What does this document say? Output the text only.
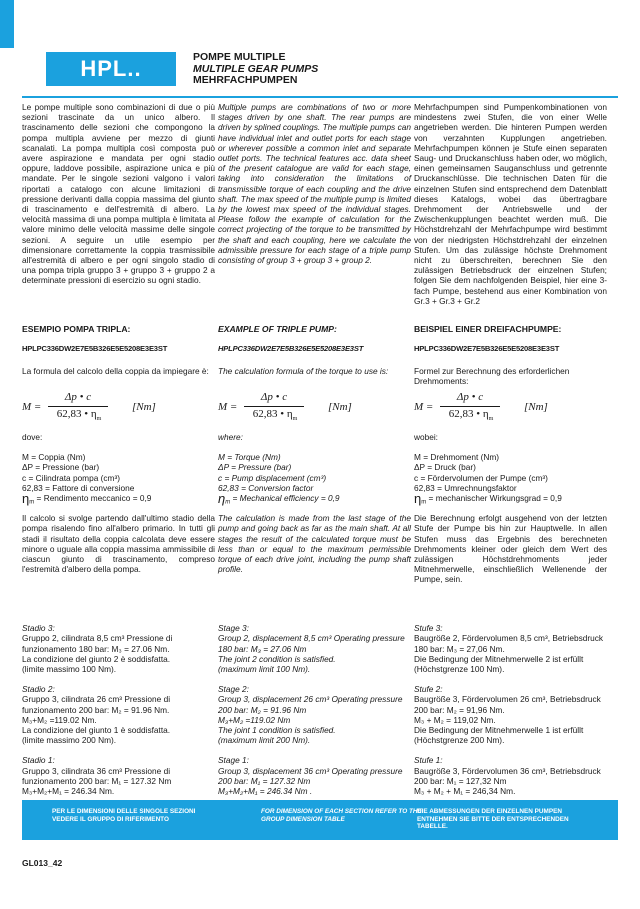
HPL..	POMPE MULTIPLE
MULTIPLE GEAR PUMPS
MEHRFACHPUMPEN
Le pompe multiple sono combinazioni di due o più sezioni trascinate da un unico albero. Il trascinamento delle sezioni che compongono la pompa multipla avviene per mezzo di giunti scanalati. La pompa multipla così composta può avere aspirazione e mandata per ogni stadio oppure, laddove possibile, aspirazione unica e più mandate. Per le singole sezioni valgono i valori riportati a catalogo con alcune limitazioni di pressione derivanti dalla coppia massima del giunto di trascinamento e dell'estremità di albero. La velocità massima di una pompa multipla è limitata al valore minimo delle velocità massime delle singole sezioni. A seguire un utile esempio per dimensionare correttamente la coppia trasmissibile all'estremità di albero e per ogni singolo stadio di una pompa tripla gruppo 3 + gruppo 3 + gruppo 2 a determinate pressioni di esercizio su ogni stadio.
ESEMPIO POMPA TRIPLA:
HPLPC336DW2E7E5B326E5E5208E3E3ST
La formula del calcolo della coppia da impiegare è:
M =
Δp • c
62,83 • $\eta_m$
[Nm]
dove:
M = Coppia (Nm)
ΔP = Pressione (bar)
c = Cilindrata pompa (cm³)
62,83 = Fattore di conversione
$\eta_m$ = Rendimento meccanico = 0,9
Il calcolo si svolge partendo dall'ultimo stadio della pompa risalendo fino all'albero primario. In tutti gli stadi il risultato della coppia calcolata deve essere minore o uguale alla coppia massima ammissibile di ciascun giunto di trascinamento, compreso l'estremità d'albero della pompa.
Stadio 3:
Gruppo 2, cilindrata 8,5 cm³ Pressione di funzionamento 180 bar: M₃ = 27.06 Nm.
La condizione del giunto 2 è soddisfatta.
(limite massimo 100 Nm).
Stadio 2:
Gruppo 3, cilindrata 26 cm³ Pressione di funzionamento 200 bar: M₂ = 91.96 Nm.
M₃+M₂ =119.02 Nm.
La condizione del giunto 1 è soddisfatta.
(limite massimo 200 Nm).
Stadio 1:
Gruppo 3, cilindrata 36 cm³ Pressione di funzionamento 200 bar: M₁ = 127.32 Nm
M₃+M₂+M₁ = 246.34 Nm.
Multiple pumps are combinations of two or more stages driven by one shaft. The rear pumps are driven by splined couplings. The multiple pumps can have individual inlet and outlet ports for each stage or wherever possible a common inlet and separate outlet ports. The technical features acc. data sheet of the present catalogue are valid for each stage, taking into consideration the limitations of transmissible torque of each coupling and the drive shaft. The max speed of the multiple pump is limited by the lowest max speed of the individual stages. Please follow the example of calculation for the correct projecting of the torque to be transmitted by the shaft and each coupling, here we calculate the admissible pressure for each stage of a triple pump consisting of group 3 + group 3 + group 2.
EXAMPLE OF TRIPLE PUMP:
HPLPC336DW2E7E5B326E5E5208E3E3ST
The calculation formula of the torque to use is:
M =
Δp • c
62,83 • $\eta_m$
[Nm]
where:
M = Torque (Nm)
ΔP = Pressure (bar)
c = Pump displacement (cm³)
62,83 = Conversion factor
$\eta_m$ = Mechanical efficiency = 0,9
The calculation is made from the last stage of the pump and going back as far as the main shaft. At all stages the result of the calculated torque must be less than or equal to the maximum permissible torque of each drive joint, including the pump shaft profile.
Stage 3:
Group 2, displacement 8,5 cm³ Operating pressure 180 bar: M₃ = 27.06 Nm
The joint 2 condition is satisfied.
(maximum limit 100 Nm).
Stage 2:
Group 3, displacement 26 cm³ Operating pressure 200 bar: M₂ = 91.96 Nm
M₃+M₂ =119.02 Nm
The joint 1 condition is satisfied.
(maximum limit 200 Nm).
Stage 1:
Group 3, displacement 36 cm³ Operating pressure 200 bar: M₁ = 127.32 Nm
M₃+M₂+M₁ = 246.34 Nm .
Mehrfachpumpen sind Pumpenkombinationen von mindestens zwei Stufen, die von einer Welle angetrieben werden. Die hinteren Pumpen werden von verzahnten Kupplungen angetrieben. Mehrfachpumpen können je Stufe einen separaten Saug- und Druckanschluss haben oder, wo möglich, einen gemeinsamen Sauganschluss und getrennte Druckanschlüsse. Die technischen Daten für die einzelnen Stufen sind entsprechend dem Datenblatt dieses Katalogs, wobei das übertragbare Drehmoment der Antriebswelle und der Zwischenkupplungen beachtet werden muß. Die Höchstdrehzahl der Mehrfachpumpe wird bestimmt von der niedrigsten Höchstdrehzahl der einzelnen Stufen. Um das zulässige höchste Drehmoment nicht zu überschreiten, berechnen Sie den zulässigen Betriebsdruck der einzelnen Stufen; folgen Sie dem nachfolgenden Beispiel, hier eine 3-fach Pumpe, bestehend aus einer Kombination von Gr.3 + Gr.3 + Gr.2
BEISPIEL EINER DREIFACHPUMPE:
HPLPC336DW2E7E5B326E5E5208E3E3ST
Formel zur Berechnung des erforderlichen Drehmoments:
M =
Δp • c
62,83 • $\eta_m$
[Nm]
wobei:
M = Drehmoment (Nm)
ΔP = Druck (bar)
c = Fördervolumen der Pumpe (cm³)
62,83 = Umrechnungsfaktor
$\eta_m$ = mechanischer Wirkungsgrad = 0,9
Die Berechnung erfolgt ausgehend von der letzten Stufe der Pumpe bis hin zur Hauptwelle. In allen Stufen muss das Ergebnis des berechneten Drehmoments kleiner oder gleich dem Wert des zulässigen Höchstdrehmoments jeder Mitnehmerwelle, einschließlich Wellenende der Pumpe, sein.
Stufe 3:
Baugröße 2, Fördervolumen 8,5 cm³, Betriebsdruck 180 bar: M₃ = 27,06 Nm.
Die Bedingung der Mitnehmerwelle 2 ist erfüllt (Höchstgrenze 100 Nm).
Stufe 2:
Baugröße 3, Fördervolumen 26 cm³, Betriebsdruck 200 bar: M₂ = 91,96 Nm.
M₃ + M₂ = 119,02 Nm.
Die Bedingung der Mitnehmerwelle 1 ist erfüllt (Höchstgrenze 200 Nm).
Stufe 1:
Baugröße 3, Fördervolumen 36 cm³, Betriebsdruck 200 bar: M₁ = 127,32 Nm
M₃ + M₂ + M₁ = 246,34 Nm.
PER LE DIMENSIONI DELLE SINGOLE SEZIONI VEDERE IL GRUPPO DI RIFERIMENTO
FOR DIMENSION OF EACH SECTION REFER TO THE GROUP DIMENSION TABLE
DIE ABMESSUNGEN DER EINZELNEN PUMPEN ENTNEHMEN SIE BITTE DER ENTSPRECHENDEN TABELLE.
GL013_42
